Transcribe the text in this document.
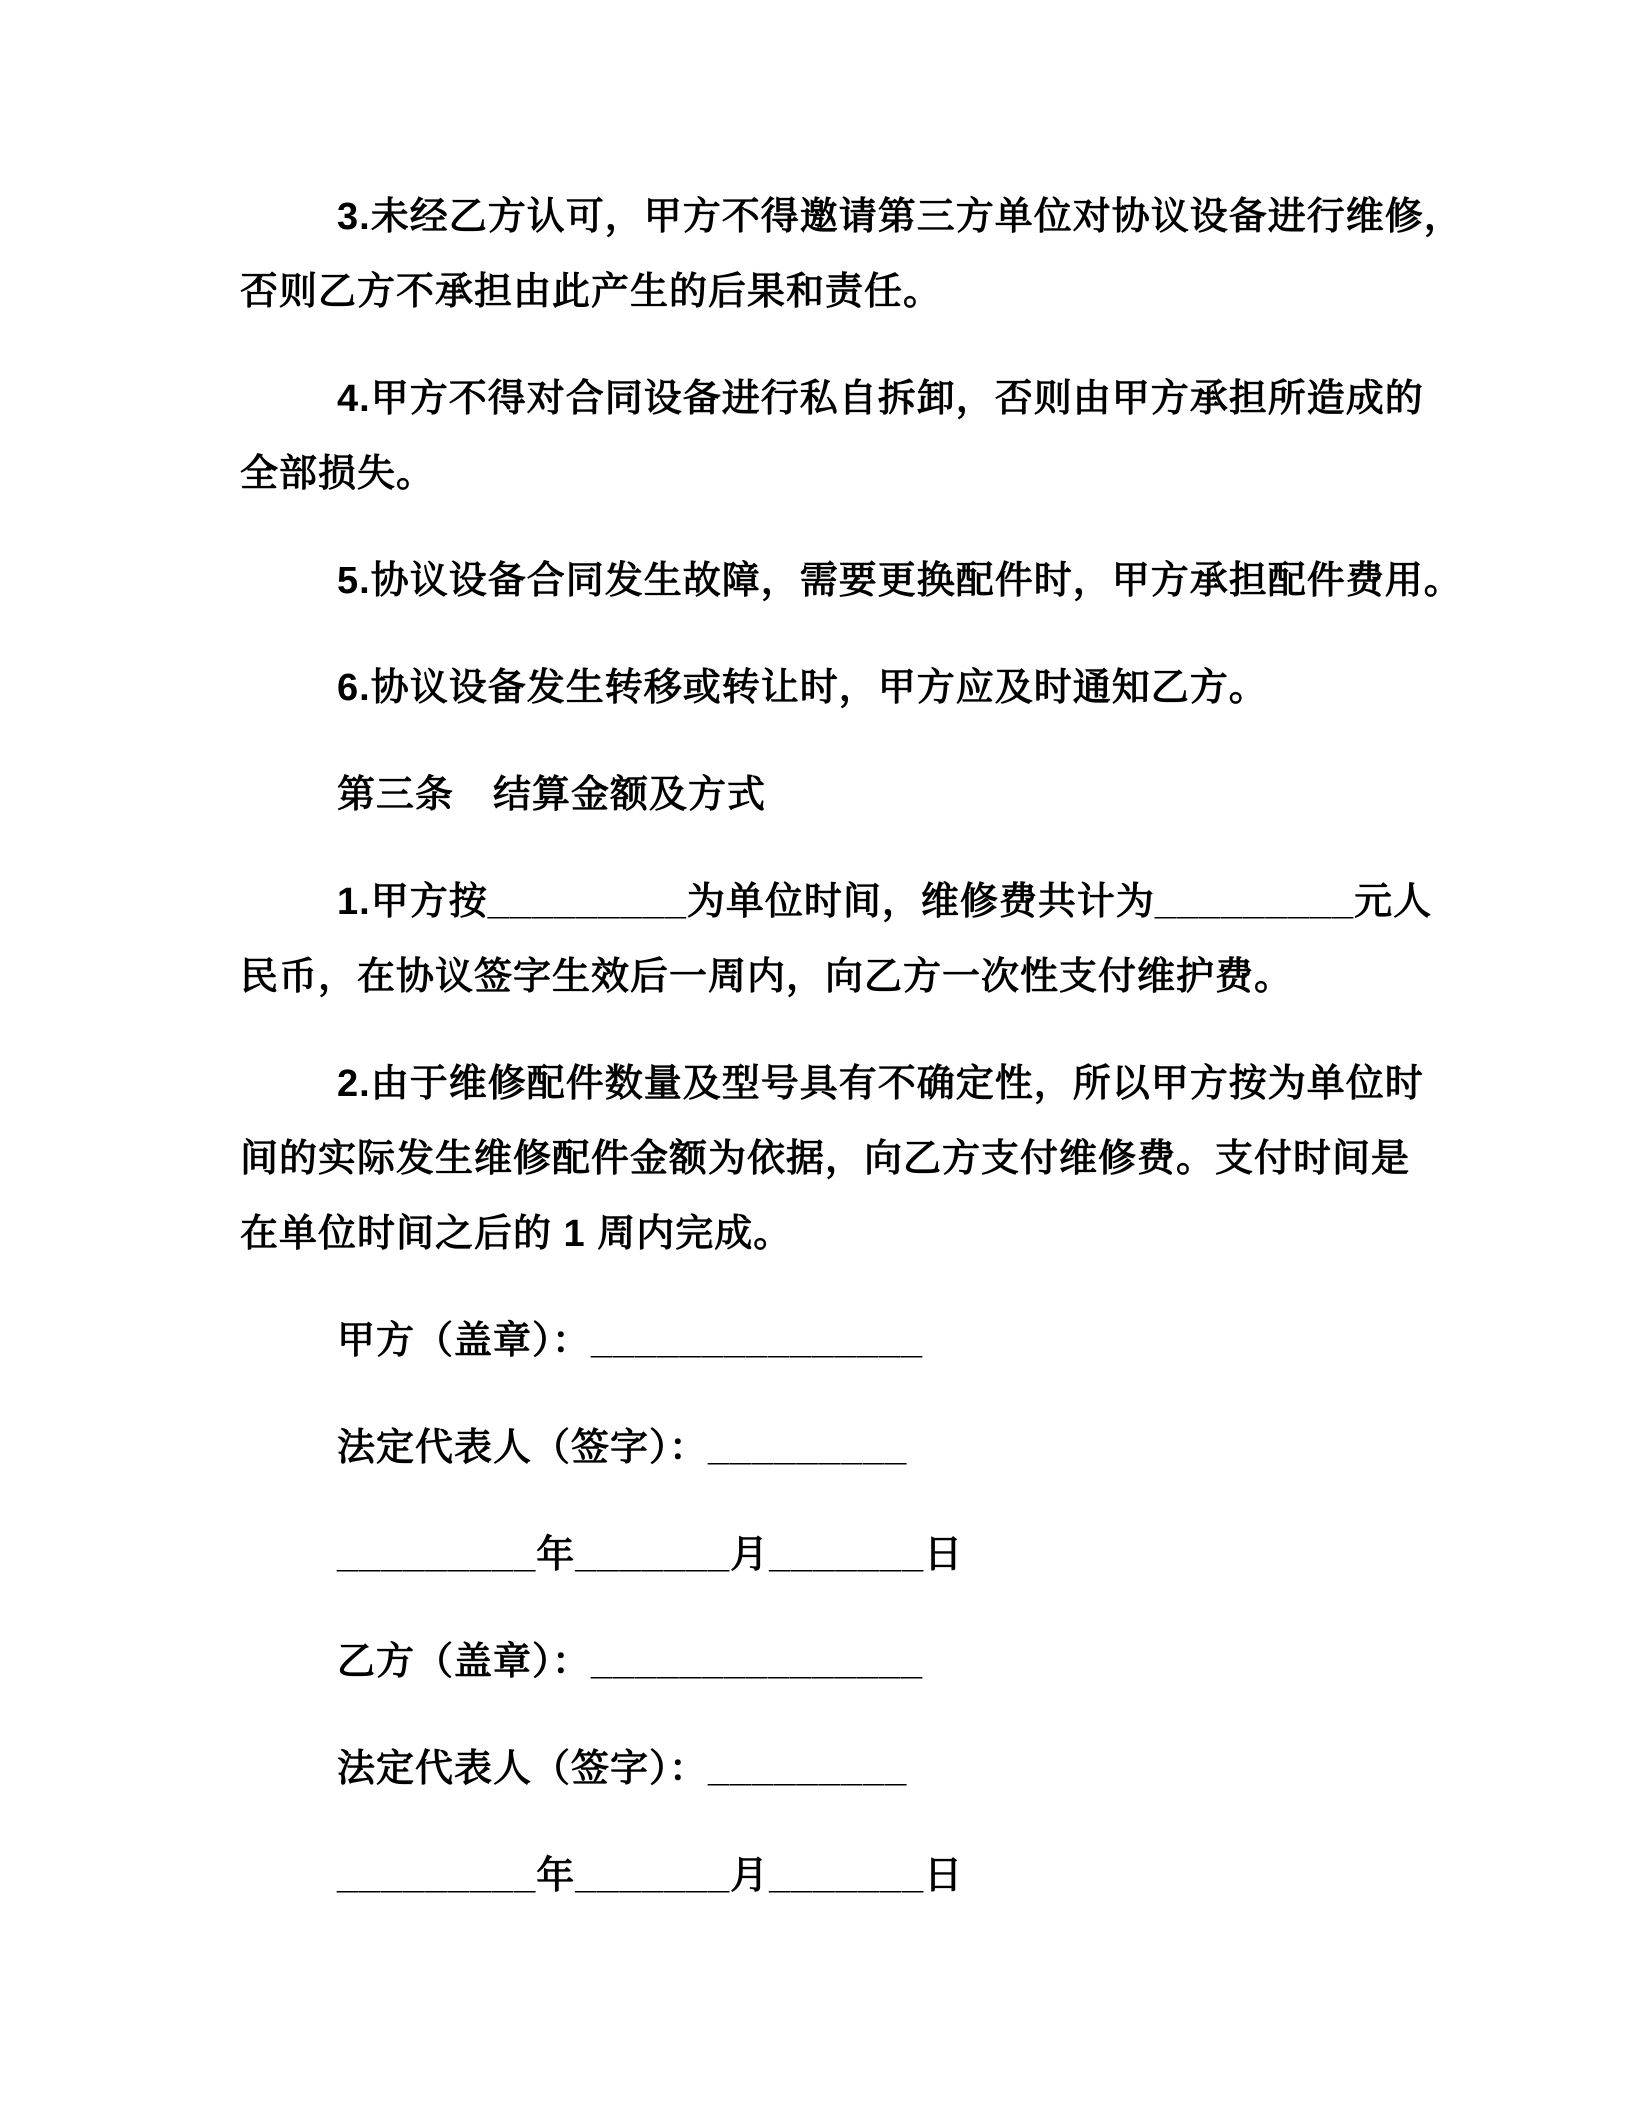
3.未经乙方认可，甲方不得邀请第三方单位对协议设备进行维修，
否则乙方不承担由此产生的后果和责任。
4.甲方不得对合同设备进行私自拆卸，否则由甲方承担所造成的
全部损失。
5.协议设备合同发生故障，需要更换配件时，甲方承担配件费用。
6.协议设备发生转移或转让时，甲方应及时通知乙方。
第三条　结算金额及方式
1.甲方按_________为单位时间，维修费共计为_________元人
民币，在协议签字生效后一周内，向乙方一次性支付维护费。
2.由于维修配件数量及型号具有不确定性，所以甲方按为单位时
间的实际发生维修配件金额为依据，向乙方支付维修费。支付时间是
在单位时间之后的 1 周内完成。
甲方（盖章）：_______________
法定代表人（签字）：_________
_________年_______月_______日
乙方（盖章）：_______________
法定代表人（签字）：_________
_________年_______月_______日
